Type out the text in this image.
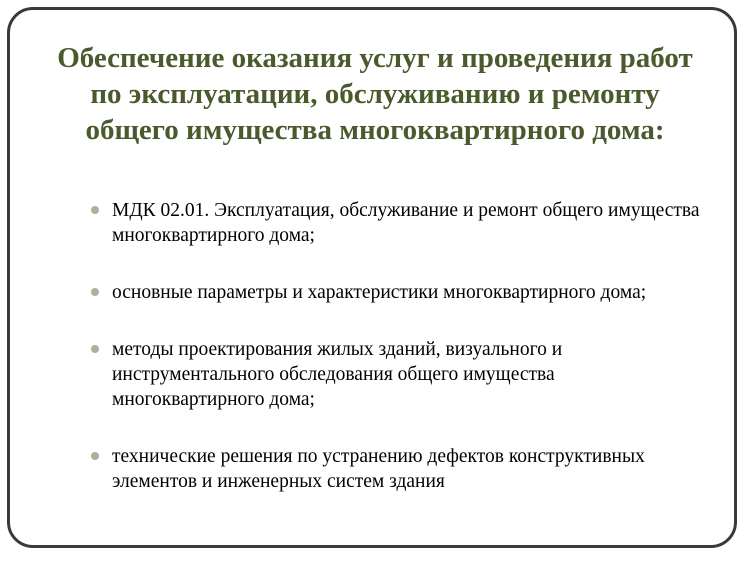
Обеспечение оказания услуг и проведения работ по эксплуатации, обслуживанию и ремонту общего имущества многоквартирного дома:
МДК 02.01. Эксплуатация, обслуживание и ремонт общего имущества многоквартирного дома;
основные параметры и характеристики многоквартирного дома;
методы проектирования жилых зданий, визуального и инструментального обследования общего имущества многоквартирного дома;
технические решения по устранению дефектов конструктивных элементов и инженерных систем здания
